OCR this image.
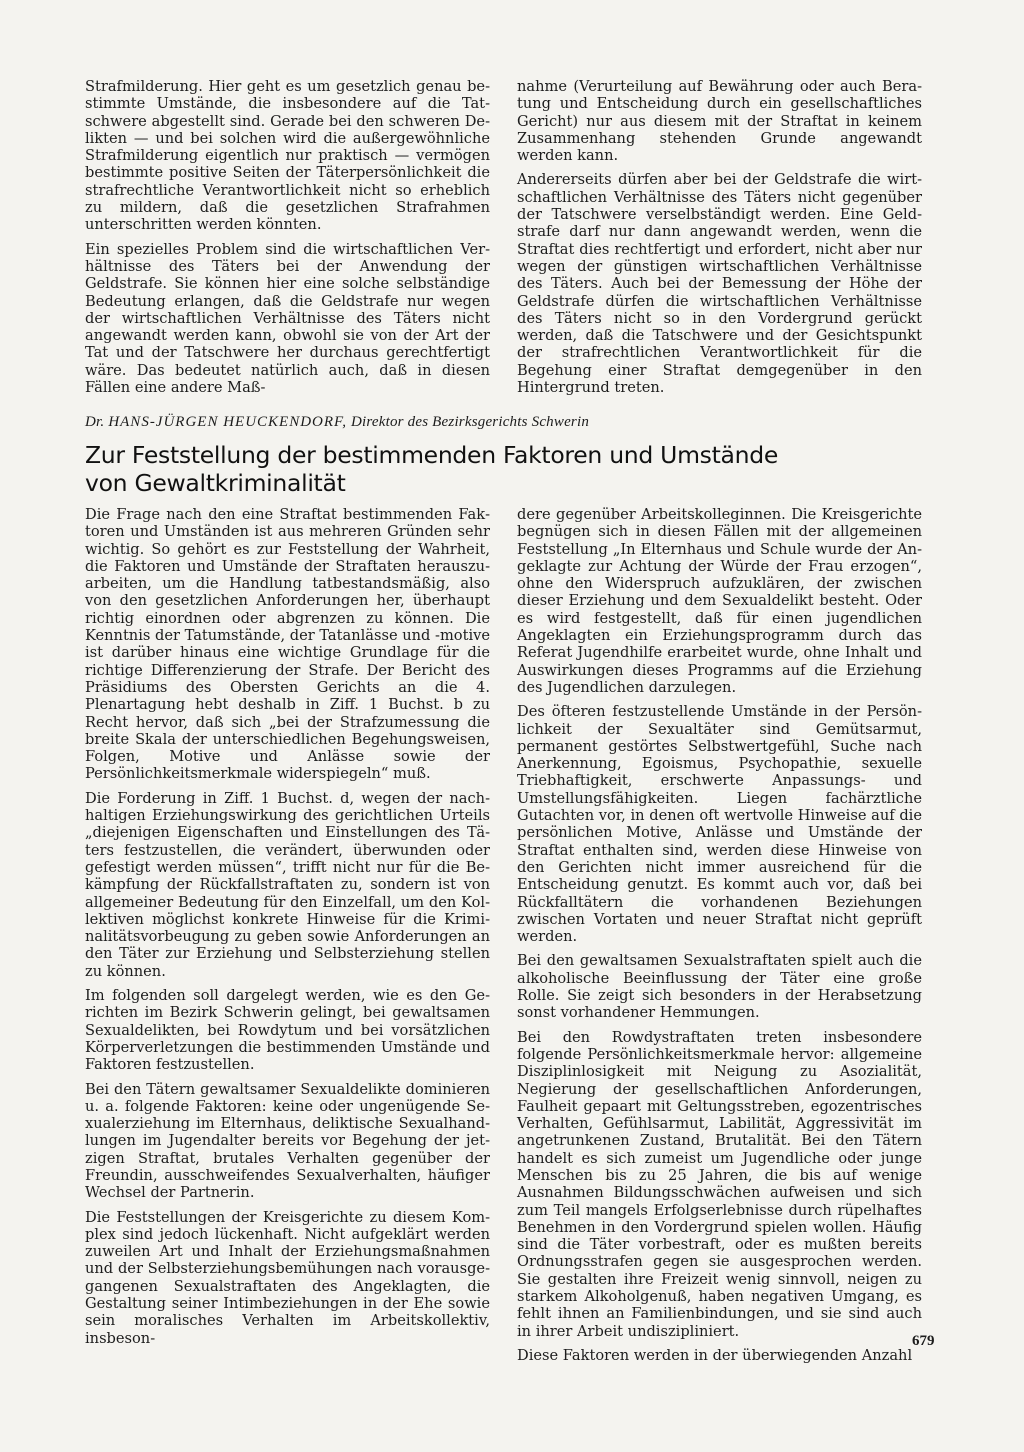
Strafmilderung. Hier geht es um gesetzlich genau bestimmte Umstände, die insbesondere auf die Tatschwere abgestellt sind. Gerade bei den schweren Delikten — und bei solchen wird die außergewöhnliche Strafmilderung eigentlich nur praktisch — vermögen bestimmte positive Seiten der Täterpersönlichkeit die strafrechtliche Verantwortlichkeit nicht so erheblich zu mildern, daß die gesetzlichen Strafrahmen unterschritten werden könnten.

Ein spezielles Problem sind die wirtschaftlichen Verhältnisse des Täters bei der Anwendung der Geldstrafe. Sie können hier eine solche selbständige Bedeutung erlangen, daß die Geldstrafe nur wegen der wirtschaftlichen Verhältnisse des Täters nicht angewandt werden kann, obwohl sie von der Art der Tat und der Tatschwere her durchaus gerechtfertigt wäre. Das bedeutet natürlich auch, daß in diesen Fällen eine andere Maß-

nahme (Verurteilung auf Bewährung oder auch Beratung und Entscheidung durch ein gesellschaftliches Gericht) nur aus diesem mit der Straftat in keinem Zusammenhang stehenden Grunde angewandt werden kann.

Andererseits dürfen aber bei der Geldstrafe die wirtschaftlichen Verhältnisse des Täters nicht gegenüber der Tatschwere verselbständigt werden. Eine Geldstrafe darf nur dann angewandt werden, wenn die Straftat dies rechtfertigt und erfordert, nicht aber nur wegen der günstigen wirtschaftlichen Verhältnisse des Täters. Auch bei der Bemessung der Höhe der Geldstrafe dürfen die wirtschaftlichen Verhältnisse des Täters nicht so in den Vordergrund gerückt werden, daß die Tatschwere und der Gesichtspunkt der strafrechtlichen Verantwortlichkeit für die Begehung einer Straftat demgegenüber in den Hintergrund treten.

Dr. HANS-JÜRGEN HEUCKENDORF, Direktor des Bezirksgerichts Schwerin
Zur Feststellung der bestimmenden Faktoren und Umstände
von Gewaltkriminalität

Die Frage nach den eine Straftat bestimmenden Faktoren und Umständen ist aus mehreren Gründen sehr wichtig. So gehört es zur Feststellung der Wahrheit, die Faktoren und Umstände der Straftaten herauszuarbeiten, um die Handlung tatbestandsmäßig, also von den gesetzlichen Anforderungen her, überhaupt richtig einordnen oder abgrenzen zu können. Die Kenntnis der Tatumstände, der Tatanlässe und -motive ist darüber hinaus eine wichtige Grundlage für die richtige Differenzierung der Strafe. Der Bericht des Präsidiums des Obersten Gerichts an die 4. Plenartagung hebt deshalb in Ziff. 1 Buchst. b zu Recht hervor, daß sich „bei der Strafzumessung die breite Skala der unterschiedlichen Begehungsweisen, Folgen, Motive und Anlässe sowie der Persönlichkeitsmerkmale widerspiegeln“ muß.

Die Forderung in Ziff. 1 Buchst. d, wegen der nachhaltigen Erziehungswirkung des gerichtlichen Urteils „diejenigen Eigenschaften und Einstellungen des Täters festzustellen, die verändert, überwunden oder gefestigt werden müssen“, trifft nicht nur für die Bekämpfung der Rückfallstraftaten zu, sondern ist von allgemeiner Bedeutung für den Einzelfall, um den Kollektiven möglichst konkrete Hinweise für die Kriminalitätsvorbeugung zu geben sowie Anforderungen an den Täter zur Erziehung und Selbsterziehung stellen zu können.

Im folgenden soll dargelegt werden, wie es den Gerichten im Bezirk Schwerin gelingt, bei gewaltsamen Sexualdelikten, bei Rowdytum und bei vorsätzlichen Körperverletzungen die bestimmenden Umstände und Faktoren festzustellen.

Bei den Tätern gewaltsamer Sexualdelikte dominieren u. a. folgende Faktoren: keine oder ungenügende Sexualerziehung im Elternhaus, deliktische Sexualhandlungen im Jugendalter bereits vor Begehung der jetzigen Straftat, brutales Verhalten gegenüber der Freundin, ausschweifendes Sexualverhalten, häufiger Wechsel der Partnerin.

Die Feststellungen der Kreisgerichte zu diesem Komplex sind jedoch lückenhaft. Nicht aufgeklärt werden zuweilen Art und Inhalt der Erziehungsmaßnahmen und der Selbsterziehungsbemühungen nach vorausgegangenen Sexualstraftaten des Angeklagten, die Gestaltung seiner Intimbeziehungen in der Ehe sowie sein moralisches Verhalten im Arbeitskollektiv, insbeson-

dere gegenüber Arbeitskolleginnen. Die Kreisgerichte begnügen sich in diesen Fällen mit der allgemeinen Feststellung „In Elternhaus und Schule wurde der Angeklagte zur Achtung der Würde der Frau erzogen“, ohne den Widerspruch aufzuklären, der zwischen dieser Erziehung und dem Sexualdelikt besteht. Oder es wird festgestellt, daß für einen jugendlichen Angeklagten ein Erziehungsprogramm durch das Referat Jugendhilfe erarbeitet wurde, ohne Inhalt und Auswirkungen dieses Programms auf die Erziehung des Jugendlichen darzulegen.

Des öfteren festzustellende Umstände in der Persönlichkeit der Sexualtäter sind Gemütsarmut, permanent gestörtes Selbstwertgefühl, Suche nach Anerkennung, Egoismus, Psychopathie, sexuelle Triebhaftigkeit, erschwerte Anpassungs- und Umstellungsfähigkeiten. Liegen fachärztliche Gutachten vor, in denen oft wertvolle Hinweise auf die persönlichen Motive, Anlässe und Umstände der Straftat enthalten sind, werden diese Hinweise von den Gerichten nicht immer ausreichend für die Entscheidung genutzt. Es kommt auch vor, daß bei Rückfalltätern die vorhandenen Beziehungen zwischen Vortaten und neuer Straftat nicht geprüft werden.

Bei den gewaltsamen Sexualstraftaten spielt auch die alkoholische Beeinflussung der Täter eine große Rolle. Sie zeigt sich besonders in der Herabsetzung sonst vorhandener Hemmungen.

Bei den Rowdystraftaten treten insbesondere folgende Persönlichkeitsmerkmale hervor: allgemeine Disziplinlosigkeit mit Neigung zu Asozialität, Negierung der gesellschaftlichen Anforderungen, Faulheit gepaart mit Geltungsstreben, egozentrisches Verhalten, Gefühlsarmut, Labilität, Aggressivität im angetrunkenen Zustand, Brutalität. Bei den Tätern handelt es sich zumeist um Jugendliche oder junge Menschen bis zu 25 Jahren, die bis auf wenige Ausnahmen Bildungsschwächen aufweisen und sich zum Teil mangels Erfolgserlebnisse durch rüpelhaftes Benehmen in den Vordergrund spielen wollen. Häufig sind die Täter vorbestraft, oder es mußten bereits Ordnungsstrafen gegen sie ausgesprochen werden. Sie gestalten ihre Freizeit wenig sinnvoll, neigen zu starkem Alkoholgenuß, haben negativen Umgang, es fehlt ihnen an Familienbindungen, und sie sind auch in ihrer Arbeit undiszipliniert.

Diese Faktoren werden in der überwiegenden Anzahl

679
